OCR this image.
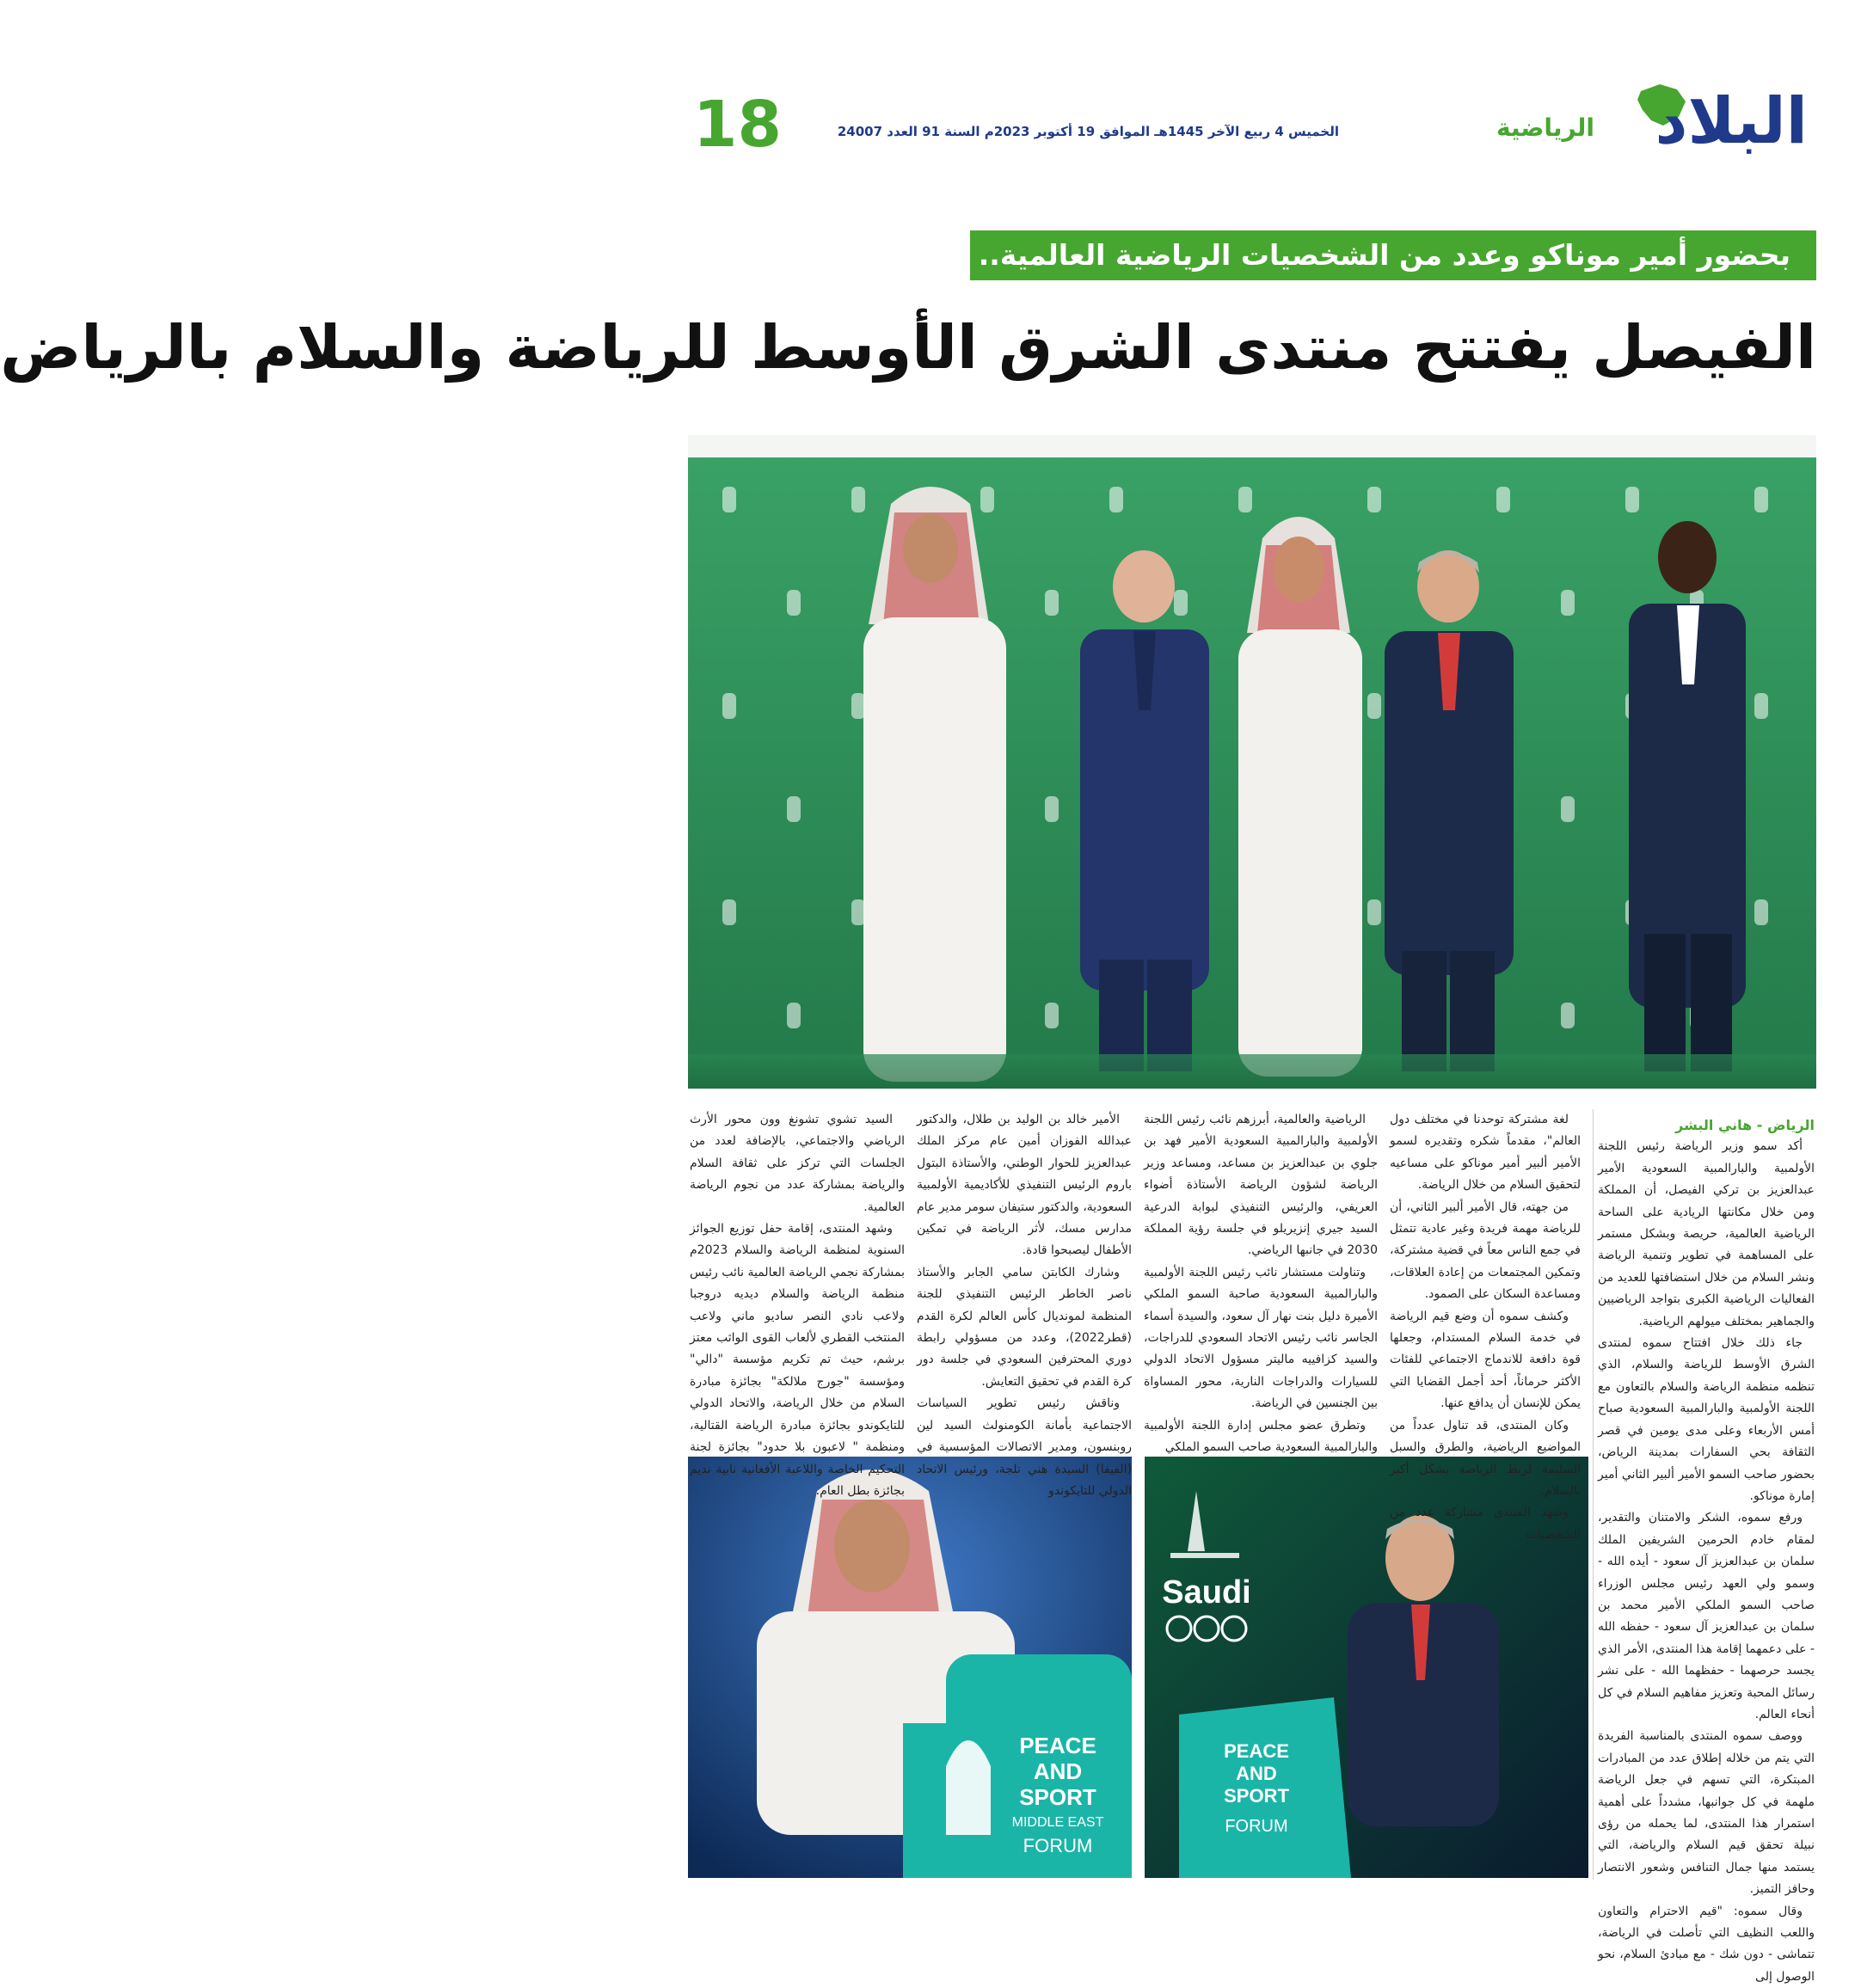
البلاد
الرياضية
الخميس 4 ربيع الآخر 1445هـ الموافق 19 أكتوبر 2023م السنة 91 العدد 24007
18
بحضور أمير موناكو وعدد من الشخصيات الرياضية العالمية..
الفيصل يفتتح منتدى الشرق الأوسط للرياضة والسلام بالرياض
PEACE
AND
SPORT
MIDDLE EAST
FORUM
Saudi
PEACE
AND
SPORT
FORUM

الرياض - هاني البشر

أكد سمو وزير الرياضة رئيس اللجنة الأولمبية والبارالمبية السعودية الأمير عبدالعزيز بن تركي الفيصل، أن المملكة ومن خلال مكانتها الريادية على الساحة الرياضية العالمية، حريصة وبشكل مستمر على المساهمة في تطوير وتنمية الرياضة ونشر السلام من خلال استضافتها للعديد من الفعاليات الرياضية الكبرى بتواجد الرياضيين والجماهير بمختلف ميولهم الرياضية.

جاء ذلك خلال افتتاح سموه لمنتدى الشرق الأوسط للرياضة والسلام، الذي تنظمه منظمة الرياضة والسلام بالتعاون مع اللجنة الأولمبية والبارالمبية السعودية صباح أمس الأربعاء وعلى مدى يومين في قصر الثقافة بحي السفارات بمدينة الرياض، بحضور صاحب السمو الأمير ألبير الثاني أمير إمارة موناكو.

ورفع سموه، الشكر والامتنان والتقدير، لمقام خادم الحرمين الشريفين الملك سلمان بن عبدالعزيز آل سعود - أيده الله - وسمو ولي العهد رئيس مجلس الوزراء صاحب السمو الملكي الأمير محمد بن سلمان بن عبدالعزيز آل سعود - حفظه الله - على دعمهما إقامة هذا المنتدى، الأمر الذي يجسد حرصهما - حفظهما الله - على نشر رسائل المحبة وتعزيز مفاهيم السلام في كل أنحاء العالم.

ووصف سموه المنتدى بالمناسبة الفريدة التي يتم من خلاله إطلاق عدد من المبادرات المبتكرة، التي تسهم في جعل الرياضة ملهمة في كل جوانبها، مشدداً على أهمية استمرار هذا المنتدى، لما يحمله من رؤى نبيلة تحقق قيم السلام والرياضة، التي يستمد منها جمال التنافس وشعور الانتصار وحافز التميز.

وقال سموه: "قيم الاحترام والتعاون واللعب النظيف التي تأصلت في الرياضة، تتماشى - دون شك - مع مبادئ السلام، نحو الوصول إلى

لغة مشتركة توحدنا في مختلف دول العالم"، مقدماً شكره وتقديره لسمو الأمير ألبير أمير موناكو على مساعيه لتحقيق السلام من خلال الرياضة.

من جهته، قال الأمير ألبير الثاني، أن للرياضة مهمة فريدة وغير عادية تتمثل في جمع الناس معاً في قضية مشتركة، وتمكين المجتمعات من إعادة العلاقات، ومساعدة السكان على الصمود.

وكشف سموه أن وضع قيم الرياضة في خدمة السلام المستدام، وجعلها قوة دافعة للاندماج الاجتماعي للفئات الأكثر حرماناً، أحد أجمل القضايا التي يمكن للإنسان أن يدافع عنها.

وكان المنتدى، قد تناول عدداً من المواضيع الرياضية، والطرق والسبل السليمة لربط الرياضة بشكل أكبر بالسلام.

وشهد المنتدى مشاركة عدد من الشخصيات

الرياضية والعالمية، أبرزهم نائب رئيس اللجنة الأولمبية والبارالمبية السعودية الأمير فهد بن جلوي بن عبدالعزيز بن مساعد، ومساعد وزير الرياضة لشؤون الرياضة الأستاذة أضواء العريفي، والرئيس التنفيذي لبوابة الدرعية السيد جيري إنزيريلو في جلسة رؤية المملكة 2030 في جانبها الرياضي.

وتناولت مستشار نائب رئيس اللجنة الأولمبية والبارالمبية السعودية صاحبة السمو الملكي الأميرة دليل بنت نهار آل سعود، والسيدة أسماء الجاسر نائب رئيس الاتحاد السعودي للدراجات، والسيد كزافييه ماليتر مسؤول الاتحاد الدولي للسيارات والدراجات النارية، محور المساواة بين الجنسين في الرياضة.

وتطرق عضو مجلس إدارة اللجنة الأولمبية والبارالمبية السعودية صاحب السمو الملكي

الأمير خالد بن الوليد بن طلال، والدكتور عبدالله الفوزان أمين عام مركز الملك عبدالعزيز للحوار الوطني، والأستاذة البتول باروم الرئيس التنفيذي للأكاديمية الأولمبية السعودية، والدكتور ستيفان سومر مدير عام مدارس مسك، لأثر الرياضة في تمكين الأطفال ليصبحوا قادة.

وشارك الكابتن سامي الجابر والأستاذ ناصر الخاطر الرئيس التنفيذي للجنة المنظمة لمونديال كأس العالم لكرة القدم (قطر2022)، وعدد من مسؤولي رابطة دوري المحترفين السعودي في جلسة دور كرة القدم في تحقيق التعايش.

وناقش رئيس تطوير السياسات الاجتماعية بأمانة الكومنولث السيد لين روبنسون، ومدير الاتصالات المؤسسية في (الفيفا) السيدة هني تلجة، ورئيس الاتحاد الدولي للتايكوندو

السيد تشوي تشونغ وون محور الأرث الرياضي والاجتماعي، بالإضافة لعدد من الجلسات التي تركز على ثقافة السلام والرياضة بمشاركة عدد من نجوم الرياضة العالمية.

وشهد المنتدى، إقامة حفل توزيع الجوائز السنوية لمنظمة الرياضة والسلام 2023م بمشاركة نجمي الرياضة العالمية نائب رئيس منظمة الرياضة والسلام ديديه دروجبا ولاعب نادي النصر ساديو ماني ولاعب المنتخب القطري لألعاب القوى الواثب معتز برشم، حيث تم تكريم مؤسسة "دالي" ومؤسسة "جورج ملالكة" بجائزة مبادرة السلام من خلال الرياضة، والاتحاد الدولي للتايكوندو بجائزة مبادرة الرياضة القتالية، ومنظمة " لاعبون بلا حدود" بجائزة لجنة التحكيم الخاصة واللاعبة الأفغانية نابية نديم بجائزة بطل العام.
